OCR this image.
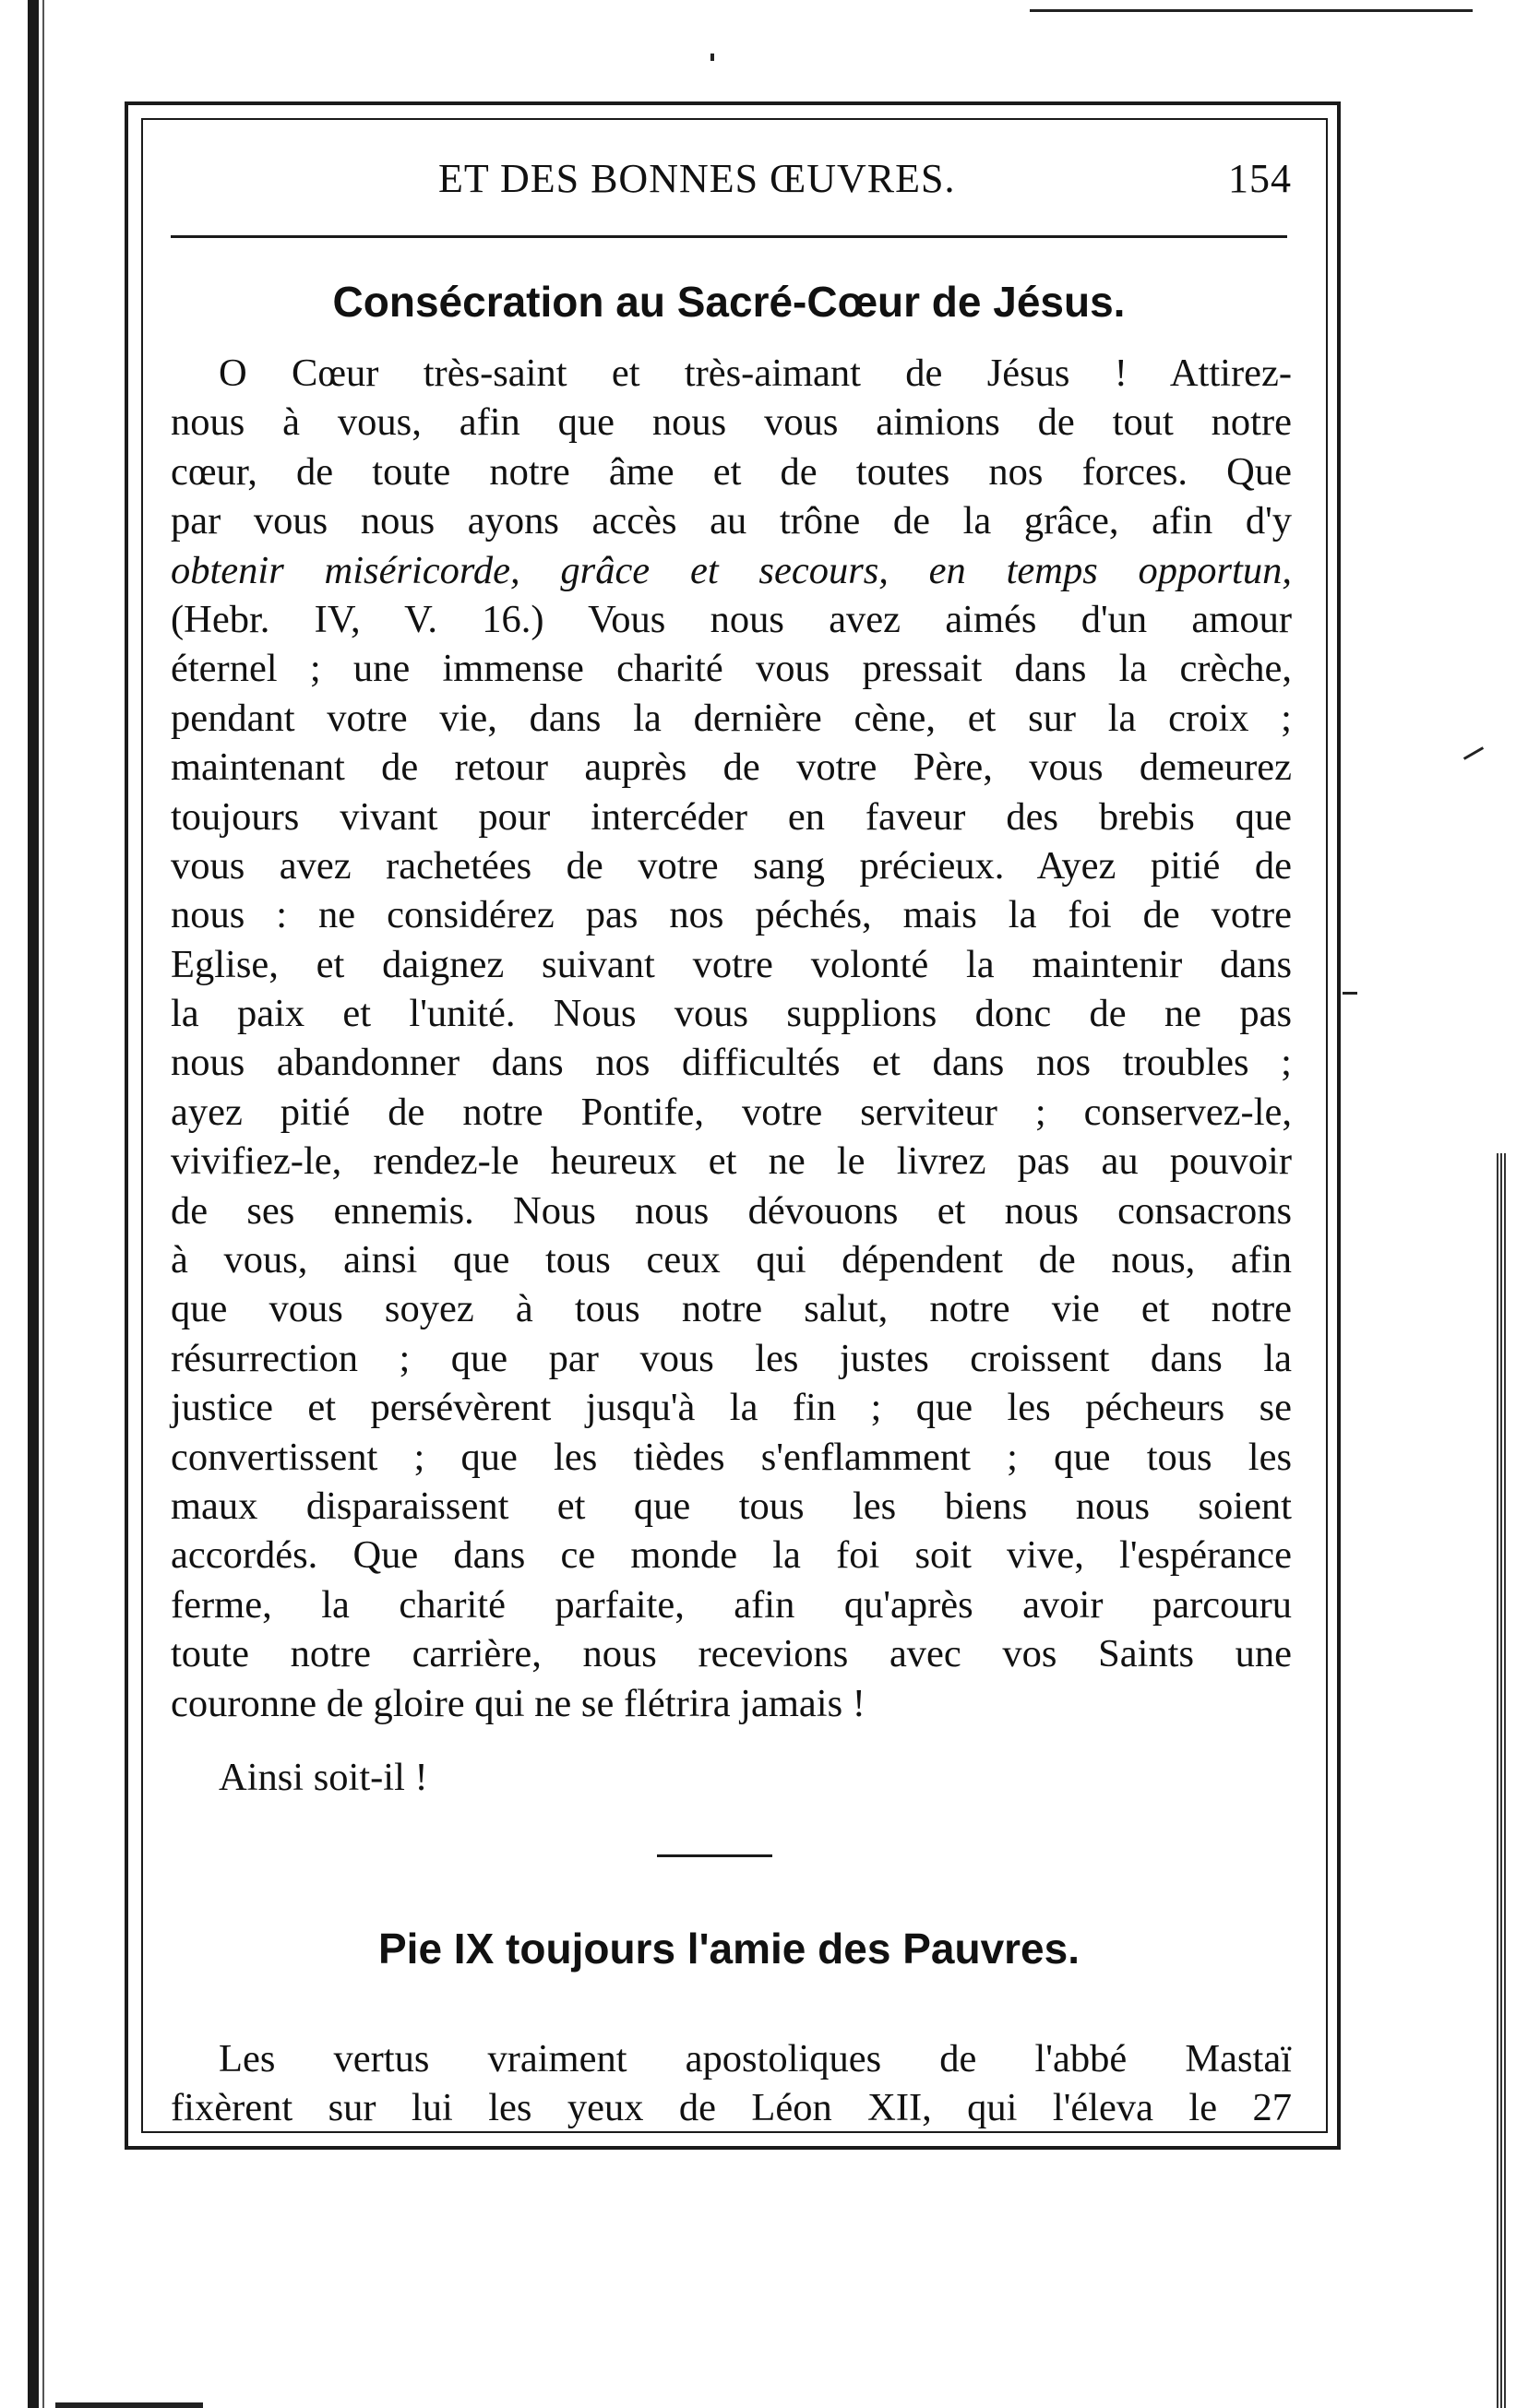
ET DES BONNES ŒUVRES.	154
Consécration au Sacré-Cœur de Jésus.
O Cœur très-saint et très-aimant de Jésus ! Attirez-
nous à vous, afin que nous vous aimions de tout notre
cœur, de toute notre âme et de toutes nos forces. Que
par vous nous ayons accès au trône de la grâce, afin d'y
obtenir miséricorde, grâce et secours, en temps opportun,
(Hebr. IV, V. 16.) Vous nous avez aimés d'un amour
éternel ; une immense charité vous pressait dans la crèche,
pendant votre vie, dans la dernière cène, et sur la croix ;
maintenant de retour auprès de votre Père, vous demeurez
toujours vivant pour intercéder en faveur des brebis que
vous avez rachetées de votre sang précieux. Ayez pitié de
nous : ne considérez pas nos péchés, mais la foi de votre
Eglise, et daignez suivant votre volonté la maintenir dans
la paix et l'unité. Nous vous supplions donc de ne pas
nous abandonner dans nos difficultés et dans nos troubles ;
ayez pitié de notre Pontife, votre serviteur ; conservez-le,
vivifiez-le, rendez-le heureux et ne le livrez pas au pouvoir
de ses ennemis. Nous nous dévouons et nous consacrons
à vous, ainsi que tous ceux qui dépendent de nous, afin
que vous soyez à tous notre salut, notre vie et notre
résurrection ; que par vous les justes croissent dans la
justice et persévèrent jusqu'à la fin ; que les pécheurs se
convertissent ; que les tièdes s'enflamment ; que tous les
maux disparaissent et que tous les biens nous soient
accordés. Que dans ce monde la foi soit vive, l'espérance
ferme, la charité parfaite, afin qu'après avoir parcouru
toute notre carrière, nous recevions avec vos Saints une
couronne de gloire qui ne se flétrira jamais !
Ainsi soit-il !
Pie IX toujours l'amie des Pauvres.
Les vertus vraiment apostoliques de l'abbé Mastaï
fixèrent sur lui les yeux de Léon XII, qui l'éleva le 27
